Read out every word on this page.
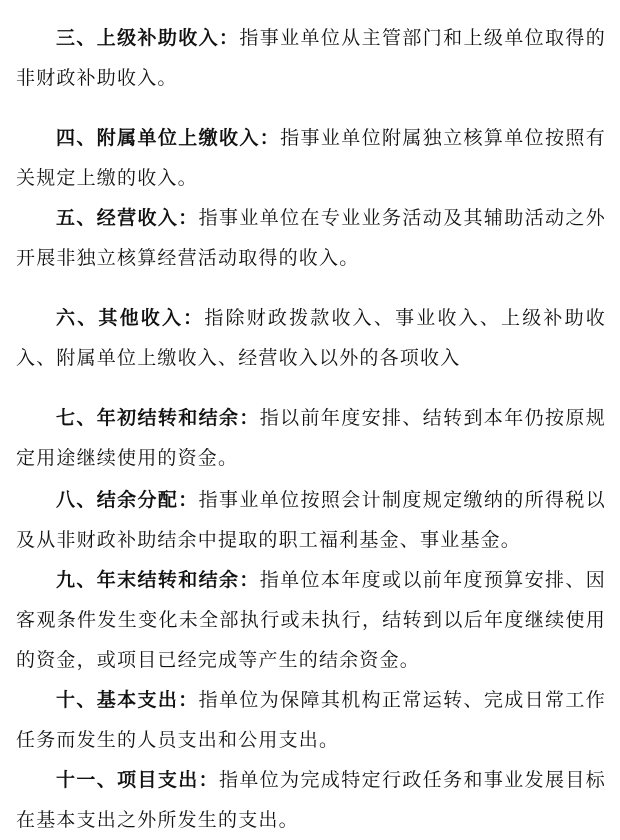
三、上级补助收入：指事业单位从主管部门和上级单位取得的非财政补助收入。

四、附属单位上缴收入：指事业单位附属独立核算单位按照有关规定上缴的收入。

五、经营收入：指事业单位在专业业务活动及其辅助活动之外开展非独立核算经营活动取得的收入。

六、其他收入：指除财政拨款收入、事业收入、上级补助收入、附属单位上缴收入、经营收入以外的各项收入

七、年初结转和结余：指以前年度安排、结转到本年仍按原规定用途继续使用的资金。

八、结余分配：指事业单位按照会计制度规定缴纳的所得税以及从非财政补助结余中提取的职工福利基金、事业基金。

九、年末结转和结余：指单位本年度或以前年度预算安排、因客观条件发生变化未全部执行或未执行，结转到以后年度继续使用的资金，或项目已经完成等产生的结余资金。

十、基本支出：指单位为保障其机构正常运转、完成日常工作任务而发生的人员支出和公用支出。

十一、项目支出：指单位为完成特定行政任务和事业发展目标在基本支出之外所发生的支出。
